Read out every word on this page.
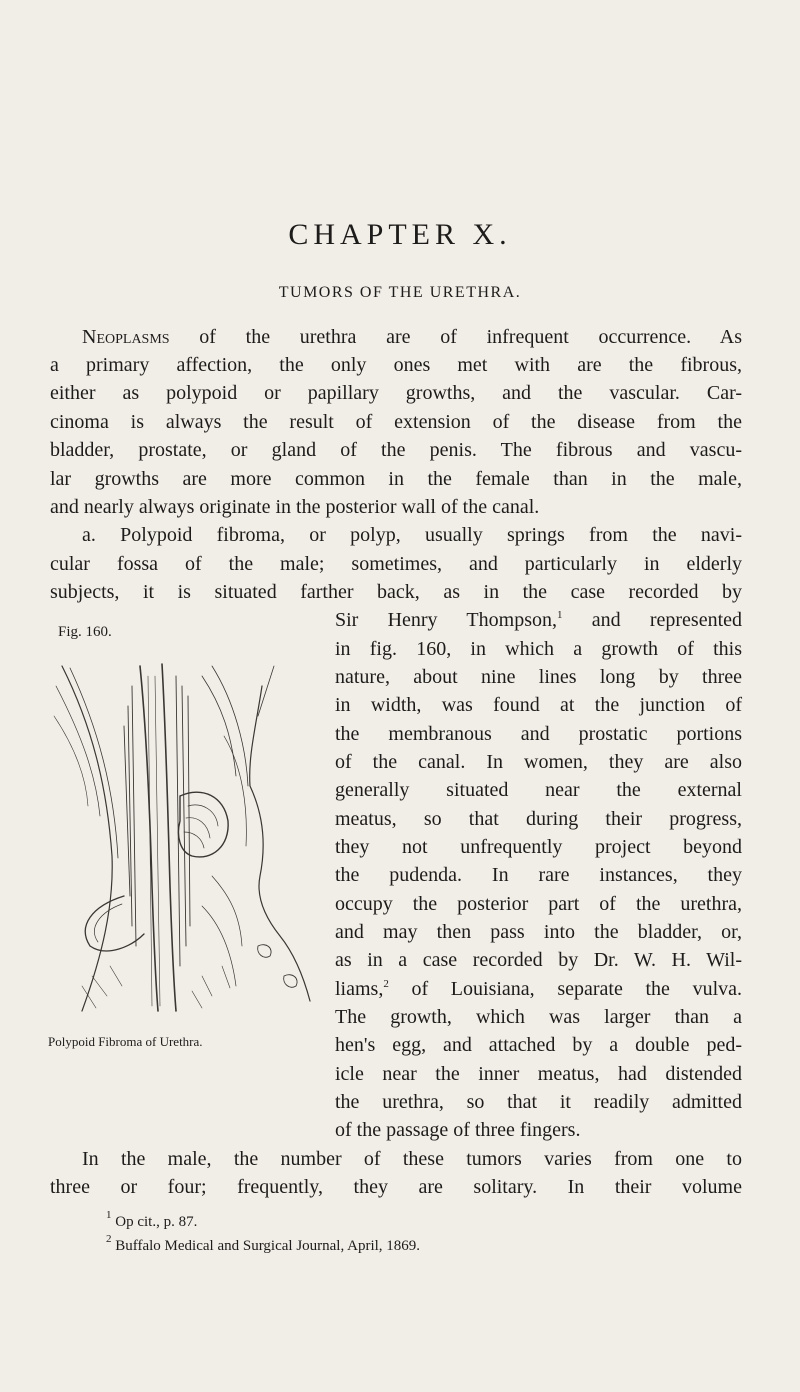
CHAPTER X.
TUMORS OF THE URETHRA.

Neoplasms of the urethra are of infrequent occurrence. As

a primary affection, the only ones met with are the fibrous,

either as polypoid or papillary growths, and the vascular. Car-

cinoma is always the result of extension of the disease from the

bladder, prostate, or gland of the penis. The fibrous and vascu-

lar growths are more common in the female than in the male,

and nearly always originate in the posterior wall of the canal.

a. Polypoid fibroma, or polyp, usually springs from the navi-

cular fossa of the male; sometimes, and particularly in elderly

subjects, it is situated farther back, as in the case recorded by

Sir Henry Thompson,$^1$ and represented

in fig. 160, in which a growth of this

nature, about nine lines long by three

in width, was found at the junction of

the membranous and prostatic portions

of the canal. In women, they are also

generally situated near the external

meatus, so that during their progress,

they not unfrequently project beyond

the pudenda. In rare instances, they

occupy the posterior part of the urethra,

and may then pass into the bladder, or,

as in a case recorded by Dr. W. H. Wil-

liams,$^2$ of Louisiana, separate the vulva.

The growth, which was larger than a

hen's egg, and attached by a double ped-

icle near the inner meatus, had distended

the urethra, so that it readily admitted

of the passage of three fingers.

In the male, the number of these tumors varies from one to

three or four; frequently, they are solitary. In their volume

Fig. 160.

Polypoid Fibroma of Urethra.

$^1$ Op cit., p. 87.

$^2$ Buffalo Medical and Surgical Journal, April, 1869.
